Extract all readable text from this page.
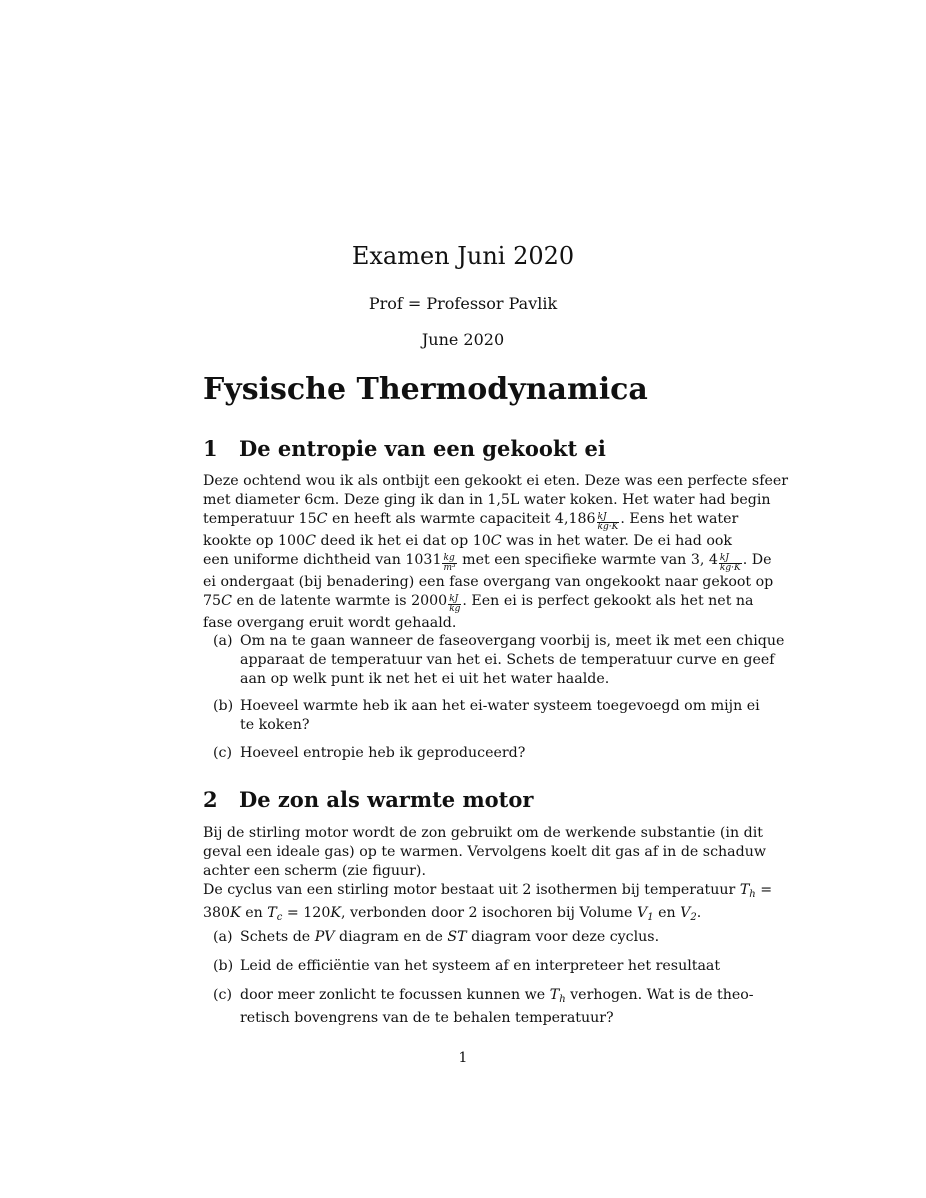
Examen Juni 2020
Prof = Professor Pavlik
June 2020
Fysische Thermodynamica
1 De entropie van een gekookt ei
Deze ochtend wou ik als ontbijt een gekookt ei eten. Deze was een perfecte sfeer
met diameter 6cm. Deze ging ik dan in 1,5L water koken. Het water had begin
temperatuur 15C en heeft als warmte capaciteit $4,186 \frac{kJ}{kg\cdot K}$ . Eens het water
kookte op 100C deed ik het ei dat op 10C was in het water. De ei had ook
een uniforme dichtheid van $1031 \frac{kg}{\text{m³}}$ met een specifieke warmte van 3, $4 \frac{kJ}{kg\cdot K}$ . De
ei ondergaat (bij benadering) een fase overgang van ongekookt naar gekoot op
75C en de latente warmte is $2000 \frac{kJ}{kg}$ . Een ei is perfect gekookt als het net na
fase overgang eruit wordt gehaald.
(a) Om na te gaan wanneer de faseovergang voorbij is, meet ik met een chique
apparaat de temperatuur van het ei. Schets de temperatuur curve en geef
aan op welk punt ik net het ei uit het water haalde.
(b) Hoeveel warmte heb ik aan het ei-water systeem toegevoegd om mijn ei
te koken?
(c) Hoeveel entropie heb ik geproduceerd?
2 De zon als warmte motor
Bij de stirling motor wordt de zon gebruikt om de werkende substantie (in dit
geval een ideale gas) op te warmen. Vervolgens koelt dit gas af in de schaduw
achter een scherm (zie figuur).
De cyclus van een stirling motor bestaat uit 2 isothermen bij temperatuur $T_h$ =
380K en $T_c = 120K$, verbonden door 2 isochoren bij Volume $V_1$ en $V_2$.
(a) Schets de PV diagram en de ST diagram voor deze cyclus.
(b) Leid de efficiëntie van het systeem af en interpreteer het resultaat
(c) door meer zonlicht te focussen kunnen we $T_h$ verhogen. Wat is de theo-
retisch bovengrens van de te behalen temperatuur?
1
